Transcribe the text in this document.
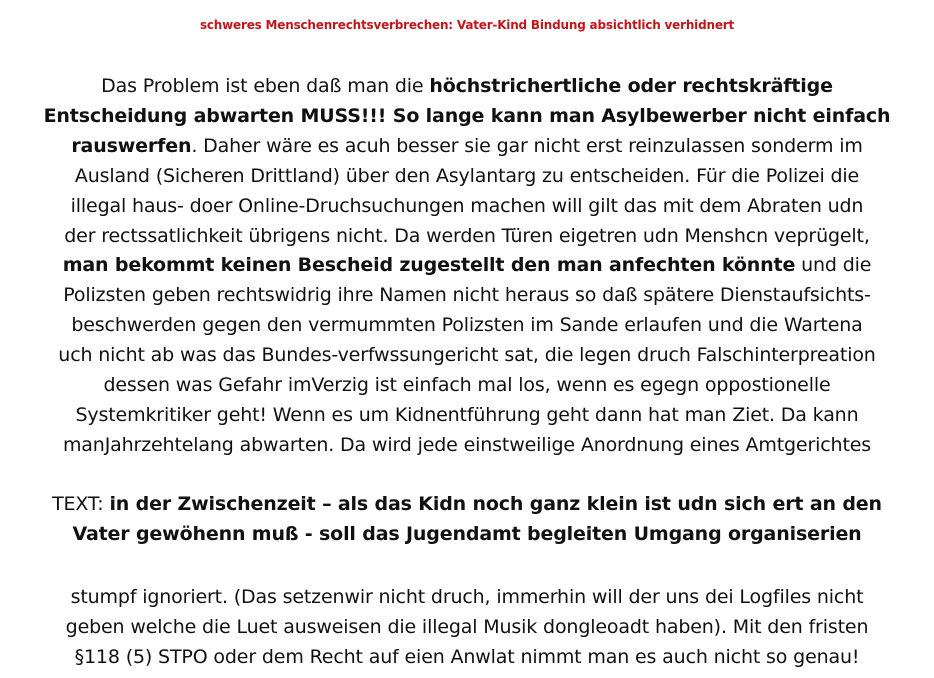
schweres Menschenrechtsverbrechen: Vater-Kind Bindung absichtlich verhidnert
Das Problem ist eben daß man die höchstrichertliche oder rechtskräftige
Entscheidung abwarten MUSS!!! So lange kann man Asylbewerber nicht einfach
rauswerfen. Daher wäre es acuh besser sie gar nicht erst reinzulassen sonderm im
Ausland (Sicheren Drittland) über den Asylantarg zu entscheiden. Für die Polizei die
illegal haus- doer Online-Druchsuchungen machen will gilt das mit dem Abraten udn
der rectssatlichkeit übrigens nicht. Da werden Türen eigetren udn Menshcn veprügelt,
man bekommt keinen Bescheid zugestellt den man anfechten könnte und die
Polizsten geben rechtswidrig ihre Namen nicht heraus so daß spätere Dienstaufsichts-
beschwerden gegen den vermummten Polizsten im Sande erlaufen und die Wartena
uch nicht ab was das Bundes-verfwssungericht sat, die legen druch Falschinterpreation
dessen was Gefahr imVerzig ist einfach mal los, wenn es egegn oppostionelle
Systemkritiker geht! Wenn es um Kidnentführung geht dann hat man Ziet. Da kann
manJahrzehtelang abwarten. Da wird jede einstweilige Anordnung eines Amtgerichtes
TEXT: in der Zwischenzeit – als das Kidn noch ganz klein ist udn sich ert an den
Vater gewöhenn muß - soll das Jugendamt begleiten Umgang organiserien
stumpf ignoriert. (Das setzenwir nicht druch, immerhin will der uns dei Logfiles nicht
geben welche die Luet ausweisen die illegal Musik dongleoadt haben). Mit den fristen
§118 (5) STPO oder dem Recht auf eien Anwlat nimmt man es auch nicht so genau!
